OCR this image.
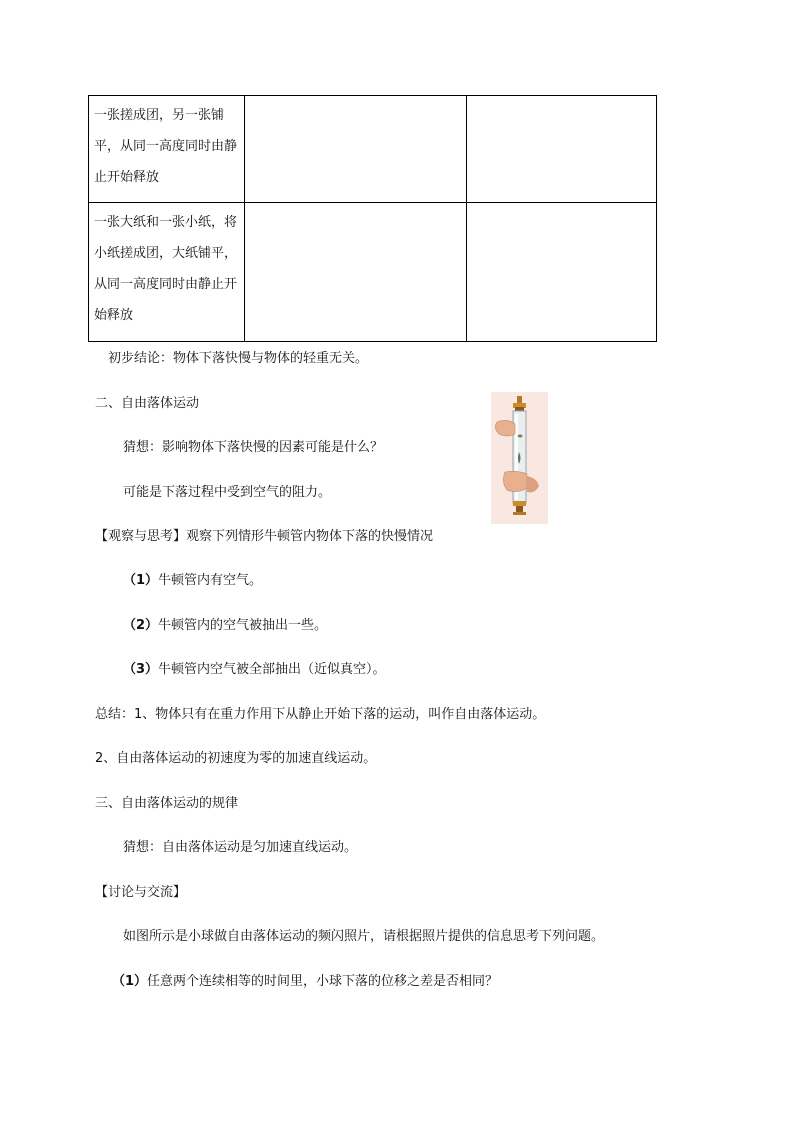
一张搓成团，另一张铺平，从同一高度同时由静止开始释放		
一张大纸和一张小纸，将小纸搓成团，大纸铺平，从同一高度同时由静止开始释放		
初步结论：物体下落快慢与物体的轻重无关。
二、自由落体运动
猜想：影响物体下落快慢的因素可能是什么？
可能是下落过程中受到空气的阻力。
【观察与思考】观察下列情形牛顿管内物体下落的快慢情况
（1）牛顿管内有空气。
（2）牛顿管内的空气被抽出一些。
（3）牛顿管内空气被全部抽出（近似真空）。
总结：1、物体只有在重力作用下从静止开始下落的运动，叫作自由落体运动。
2、自由落体运动的初速度为零的加速直线运动。
三、自由落体运动的规律
猜想：自由落体运动是匀加速直线运动。
【讨论与交流】
如图所示是小球做自由落体运动的频闪照片，请根据照片提供的信息思考下列问题。
（1）任意两个连续相等的时间里，小球下落的位移之差是否相同？
